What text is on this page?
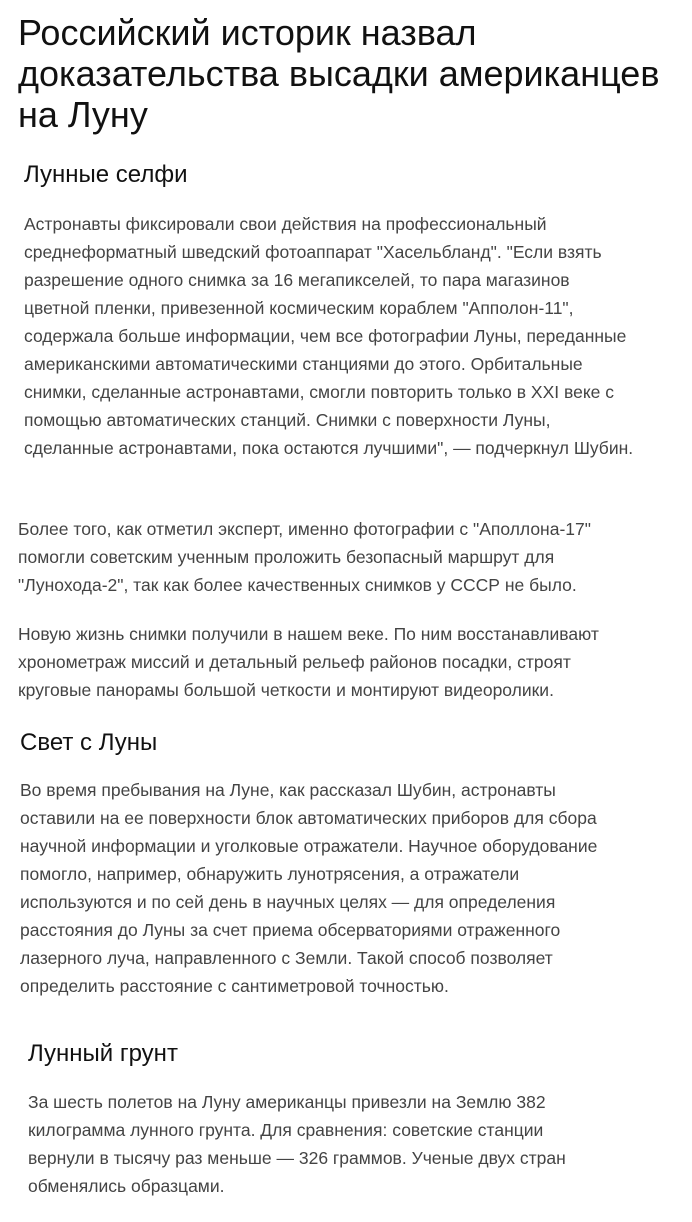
Российский историк назвал доказательства высадки американцев на Луну
Лунные селфи

Астронавты фиксировали свои действия на профессиональный среднеформатный шведский фотоаппарат "Хасельбланд". "Если взять разрешение одного снимка за 16 мегапикселей, то пара магазинов цветной пленки, привезенной космическим кораблем "Апполон-11", содержала больше информации, чем все фотографии Луны, переданные американскими автоматическими станциями до этого. Орбитальные снимки, сделанные астронавтами, смогли повторить только в XXI веке с помощью автоматических станций. Снимки с поверхности Луны, сделанные астронавтами, пока остаются лучшими", — подчеркнул Шубин.

Более того, как отметил эксперт, именно фотографии с "Аполлона-17" помогли советским ученным проложить безопасный маршрут для "Лунохода-2", так как более качественных снимков у СССР не было.

Новую жизнь снимки получили в нашем веке. По ним восстанавливают хронометраж миссий и детальный рельеф районов посадки, строят круговые панорамы большой четкости и монтируют видеоролики.

Свет с Луны

Во время пребывания на Луне, как рассказал Шубин, астронавты оставили на ее поверхности блок автоматических приборов для сбора научной информации и уголковые отражатели. Научное оборудование помогло, например, обнаружить лунотрясения, а отражатели используются и по сей день в научных целях — для определения расстояния до Луны за счет приема обсерваториями отраженного лазерного луча, направленного с Земли. Такой способ позволяет определить расстояние с сантиметровой точностью.

Лунный грунт

За шесть полетов на Луну американцы привезли на Землю 382 килограмма лунного грунта. Для сравнения: советские станции вернули в тысячу раз меньше — 326 граммов. Ученые двух стран обменялись образцами.
